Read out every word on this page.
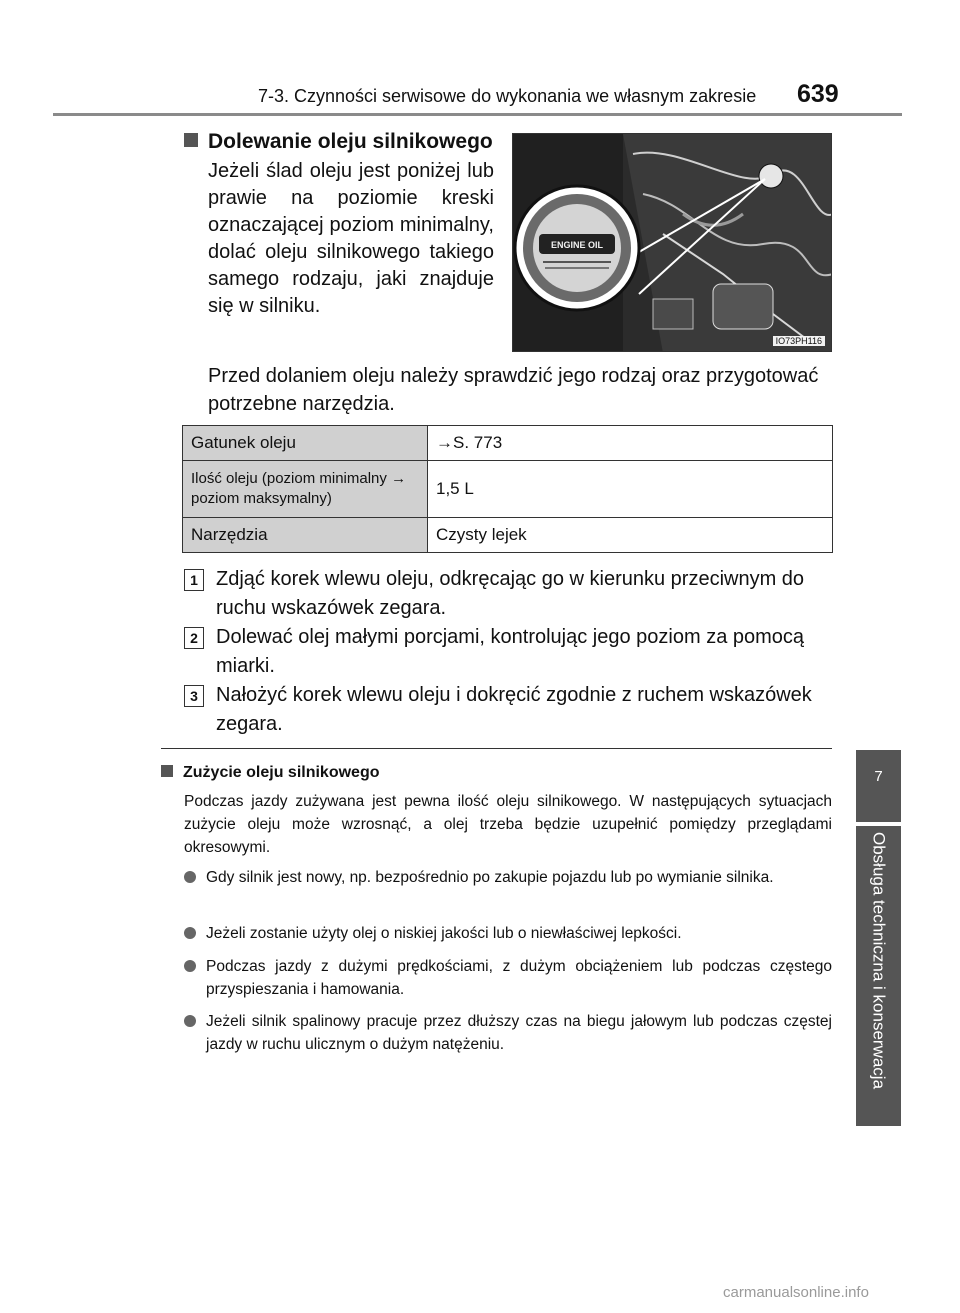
7-3. Czynności serwisowe do wykonania we własnym zakresie 639
7
Obsługa techniczna i konserwacja
Dolewanie oleju silnikowego
Jeżeli ślad oleju jest poniżej lub prawie na poziomie kreski oznaczającej poziom minimalny, dolać oleju silnikowego takiego samego rodzaju, jaki znajduje się w silniku.
ENGINE OIL
IO73PH116
Przed dolaniem oleju należy sprawdzić jego rodzaj oraz przygotować potrzebne narzędzia.
Gatunek oleju	→S. 773
Ilość oleju (poziom minimalny → poziom maksymalny)	1,5 L
Narzędzia	Czysty lejek
1 Zdjąć korek wlewu oleju, odkręcając go w kierunku przeciwnym do ruchu wskazówek zegara.
2 Dolewać olej małymi porcjami, kontrolując jego poziom za pomocą miarki.
3 Nałożyć korek wlewu oleju i dokręcić zgodnie z ruchem wskazówek zegara.
Zużycie oleju silnikowego
Podczas jazdy zużywana jest pewna ilość oleju silnikowego. W następujących sytuacjach zużycie oleju może wzrosnąć, a olej trzeba będzie uzupełnić pomiędzy przeglądami okresowymi.
Gdy silnik jest nowy, np. bezpośrednio po zakupie pojazdu lub po wymianie silnika.
Jeżeli zostanie użyty olej o niskiej jakości lub o niewłaściwej lepkości.
Podczas jazdy z dużymi prędkościami, z dużym obciążeniem lub podczas częstego przyspieszania i hamowania.
Jeżeli silnik spalinowy pracuje przez dłuższy czas na biegu jałowym lub podczas częstej jazdy w ruchu ulicznym o dużym natężeniu.
carmanualsonline.info
